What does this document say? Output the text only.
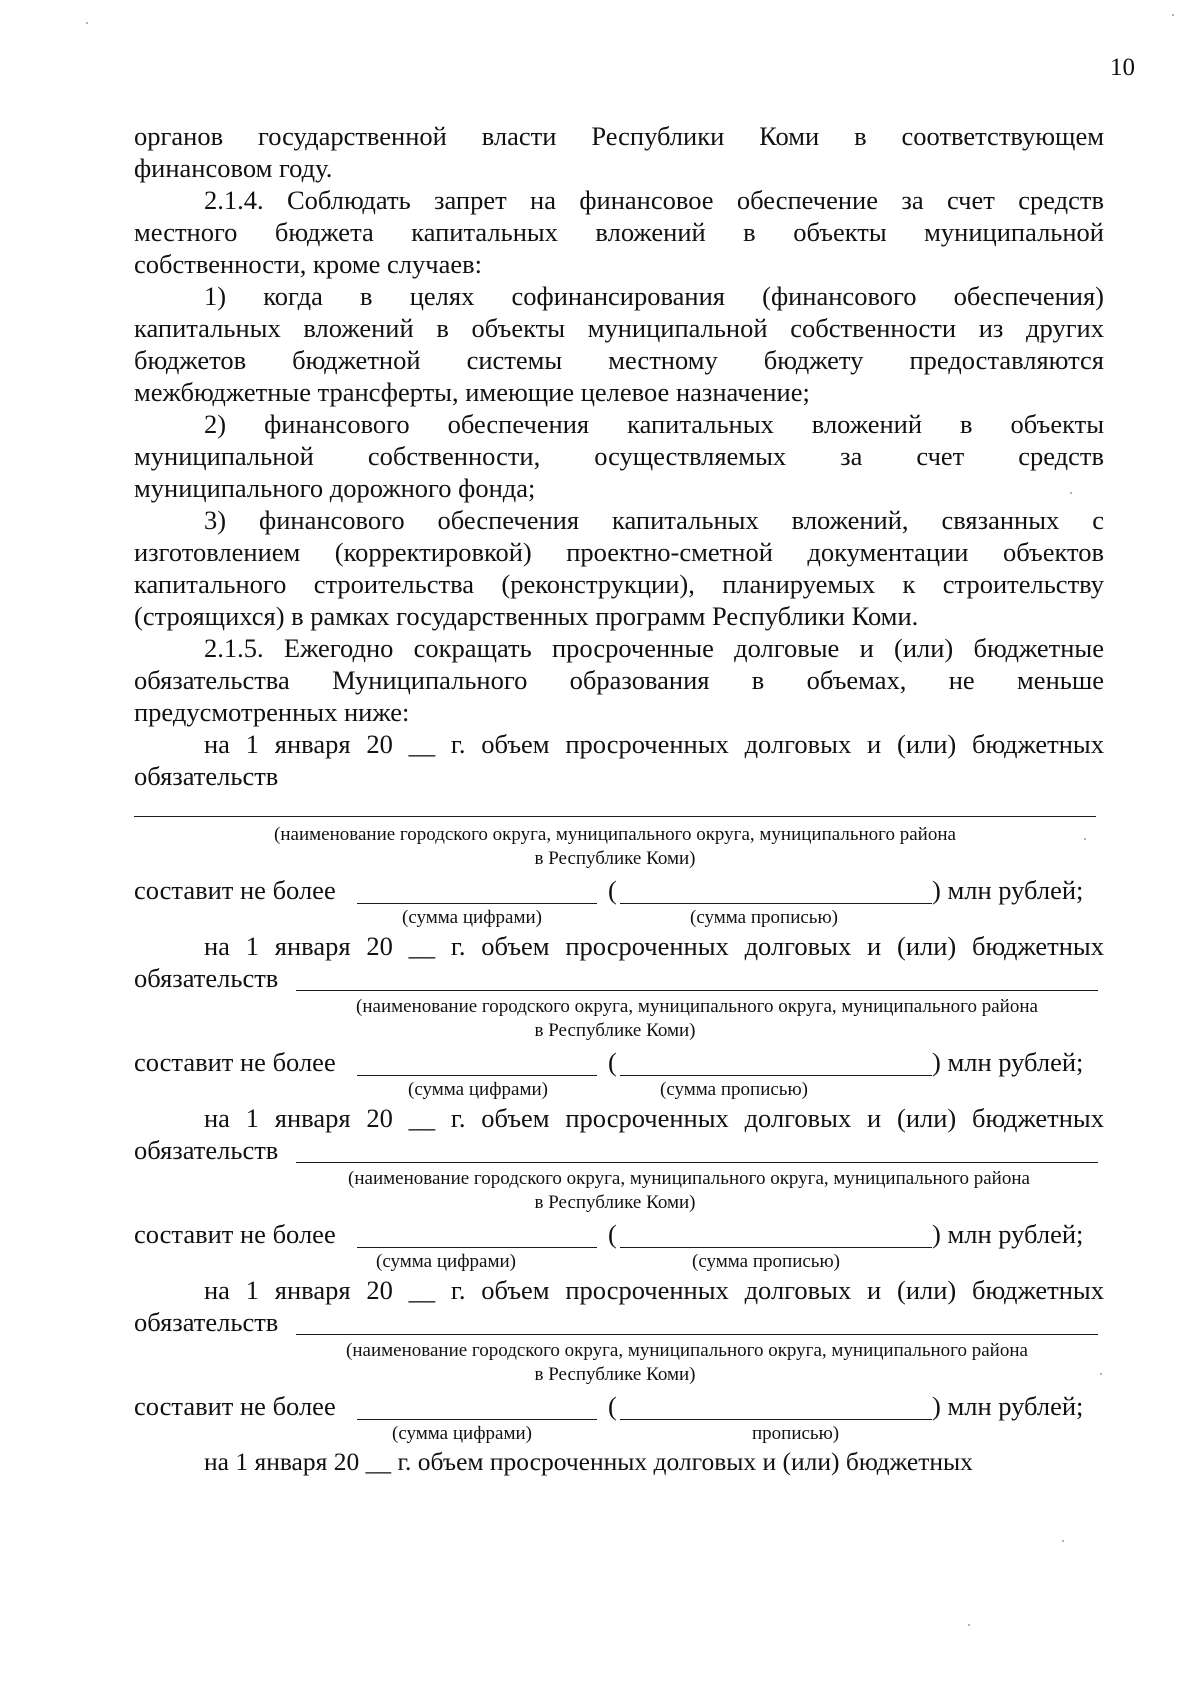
10
органов государственной власти Республики Коми в соответствующем
финансовом году.
2.1.4. Соблюдать запрет на финансовое обеспечение за счет средств
местного бюджета капитальных вложений в объекты муниципальной
собственности, кроме случаев:
1) когда в целях софинансирования (финансового обеспечения)
капитальных вложений в объекты муниципальной собственности из других
бюджетов бюджетной системы местному бюджету предоставляются
межбюджетные трансферты, имеющие целевое назначение;
2) финансового обеспечения капитальных вложений в объекты
муниципальной собственности, осуществляемых за счет средств
муниципального дорожного фонда;
3) финансового обеспечения капитальных вложений, связанных с
изготовлением (корректировкой) проектно-сметной документации объектов
капитального строительства (реконструкции), планируемых к строительству
(строящихся) в рамках государственных программ Республики Коми.
2.1.5. Ежегодно сокращать просроченные долговые и (или) бюджетные
обязательства Муниципального образования в объемах, не меньше
предусмотренных ниже:
на 1 января 20 __ г. объем просроченных долговых и (или) бюджетных
обязательств
(наименование городского округа, муниципального округа, муниципального района
в Республике Коми)
составит не более	(	) млн рублей;
(сумма цифрами)	(сумма прописью)
на 1 января 20 __ г. объем просроченных долговых и (или) бюджетных
обязательств
(наименование городского округа, муниципального округа, муниципального района
в Республике Коми)
составит не более	(	) млн рублей;
(сумма цифрами)	(сумма прописью)
на 1 января 20 __ г. объем просроченных долговых и (или) бюджетных
обязательств
(наименование городского округа, муниципального округа, муниципального района
в Республике Коми)
составит не более	(	) млн рублей;
(сумма цифрами)	(сумма прописью)
на 1 января 20 __ г. объем просроченных долговых и (или) бюджетных
обязательств
(наименование городского округа, муниципального округа, муниципального района
в Республике Коми)
составит не более	(	) млн рублей;
(сумма цифрами)	прописью)
на 1 января 20 __ г. объем просроченных долговых и (или) бюджетных
